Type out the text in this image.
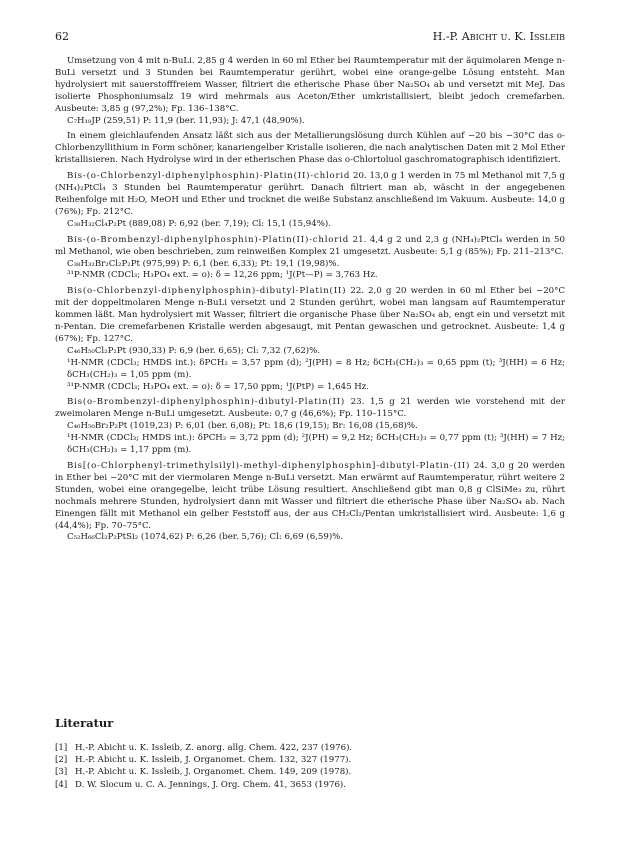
62	H.-P. Abicht u. K. Issleib

Umsetzung von 4 mit n-BuLi. 2,85 g 4 werden in 60 ml Ether bei Raumtemperatur mit der äquimolaren Menge n-BuLi versetzt und 3 Stunden bei Raumtemperatur gerührt, wobei eine orange-gelbe Lösung entsteht. Man hydrolysiert mit sauerstofffreiem Wasser, filtriert die etherische Phase über Na₂SO₄ ab und versetzt mit MeJ. Das isolierte Phosphoniumsalz 19 wird mehrmals aus Aceton/Ether umkristallisiert, bleibt jedoch cremefarben. Ausbeute: 3,85 g (97,2%); Fp. 136–138°C.

C₇H₁₈JP (259,51) P: 11,9 (ber. 11,93); J: 47,1 (48,90%).

In einem gleichlaufenden Ansatz läßt sich aus der Metallierungslösung durch Kühlen auf −20 bis −30°C das o-Chlorbenzyllithium in Form schöner, kanariengelber Kristalle isolieren, die nach analytischen Daten mit 2 Mol Ether kristallisieren. Nach Hydrolyse wird in der etherischen Phase das o-Chlortoluol gaschromatographisch identifiziert.

Bis-(o-Chlorbenzyl-diphenylphosphin)-Platin(II)-chlorid 20. 13,0 g 1 werden in 75 ml Methanol mit 7,5 g (NH₄)₂PtCl₄ 3 Stunden bei Raumtemperatur gerührt. Danach filtriert man ab, wäscht in der angegebenen Reihenfolge mit H₂O, MeOH und Ether und trocknet die weiße Substanz anschließend im Vakuum. Ausbeute: 14,0 g (76%); Fp. 212°C.

C₃₈H₃₂Cl₄P₂Pt (889,08) P: 6,92 (ber. 7,19); Cl: 15,1 (15,94%).

Bis-(o-Brombenzyl-diphenylphosphin)-Platin(II)-chlorid 21. 4,4 g 2 und 2,3 g (NH₄)₂PtCl₄ werden in 50 ml Methanol, wie oben beschrieben, zum reinweißen Komplex 21 umgesetzt. Ausbeute: 5,1 g (85%); Fp. 211–213°C.

C₃₈H₃₂Br₂Cl₂P₂Pt (975,99) P: 6,1 (ber. 6,33); Pt: 19,1 (19,98)%.

³¹P-NMR (CDCl₃; H₃PO₄ ext. = o): δ = 12,26 ppm; ¹J(Pt—P) = 3,763 Hz.

Bis(o-Chlorbenzyl-diphenylphosphin)-dibutyl-Platin(II) 22. 2,0 g 20 werden in 60 ml Ether bei −20°C mit der doppeltmolaren Menge n-BuLi versetzt und 2 Stunden gerührt, wobei man langsam auf Raumtemperatur kommen läßt. Man hydrolysiert mit Wasser, filtriert die organische Phase über Na₂SO₄ ab, engt ein und versetzt mit n-Pentan. Die cremefarbenen Kristalle werden abgesaugt, mit Pentan gewaschen und getrocknet. Ausbeute: 1,4 g (67%); Fp. 127°C.

C₄₆H₅₀Cl₂P₂Pt (930,33) P: 6,9 (ber. 6,65); Cl: 7,32 (7,62)%.

¹H-NMR (CDCl₃; HMDS int.): δPCH₂ = 3,57 ppm (d); ²J(PH) = 8 Hz; δCH₃(CH₂)₃ = 0,65 ppm (t); ³J(HH) = 6 Hz; δCH₃(CH₂)₃ = 1,05 ppm (m).

³¹P-NMR (CDCl₃; H₃PO₄ ext. = o): δ = 17,50 ppm; ¹J(PtP) = 1,645 Hz.

Bis(o-Brombenzyl-diphenylphosphin)-dibutyl-Platin(II) 23. 1,5 g 21 werden wie vorstehend mit der zweimolaren Menge n-BuLi umgesetzt. Ausbeute: 0,7 g (46,6%); Fp. 110–115°C.

C₄₆H₅₀Br₂P₂Pt (1019,23) P: 6,01 (ber. 6,08); Pt: 18,6 (19,15); Br: 16,08 (15,68)%.

¹H-NMR (CDCl₃; HMDS int.): δPCH₂ = 3,72 ppm (d); ²J(PH) = 9,2 Hz; δCH₃(CH₂)₃ = 0,77 ppm (t); ³J(HH) = 7 Hz; δCH₃(CH₂)₃ = 1,17 ppm (m).

Bis[(o-Chlorphenyl-trimethylsilyl)-methyl-diphenylphosphin]-dibutyl-Platin-(II) 24. 3,0 g 20 werden in Ether bei −20°C mit der viermolaren Menge n-BuLi versetzt. Man erwärmt auf Raumtemperatur, rührt weitere 2 Stunden, wobei eine orangegelbe, leicht trübe Lösung resultiert. Anschließend gibt man 0,8 g ClSiMe₃ zu, rührt nochmals mehrere Stunden, hydrolysiert dann mit Wasser und filtriert die etherische Phase über Na₂SO₄ ab. Nach Einengen fällt mit Methanol ein gelber Feststoff aus, der aus CH₂Cl₂/Pentan umkristallisiert wird. Ausbeute: 1,6 g (44,4%); Fp. 70–75°C.

C₅₂H₆₆Cl₂P₂PtSi₂ (1074,62) P: 6,26 (ber. 5,76); Cl: 6,69 (6,59)%.

Literatur
[1] H.-P. Abicht u. K. Issleib, Z. anorg. allg. Chem. 422, 237 (1976).
[2] H.-P. Abicht u. K. Issleib, J. Organomet. Chem. 132, 327 (1977).
[3] H.-P. Abicht u. K. Issleib, J. Organomet. Chem. 149, 209 (1978).
[4] D. W. Slocum u. C. A. Jennings, J. Org. Chem. 41, 3653 (1976).
